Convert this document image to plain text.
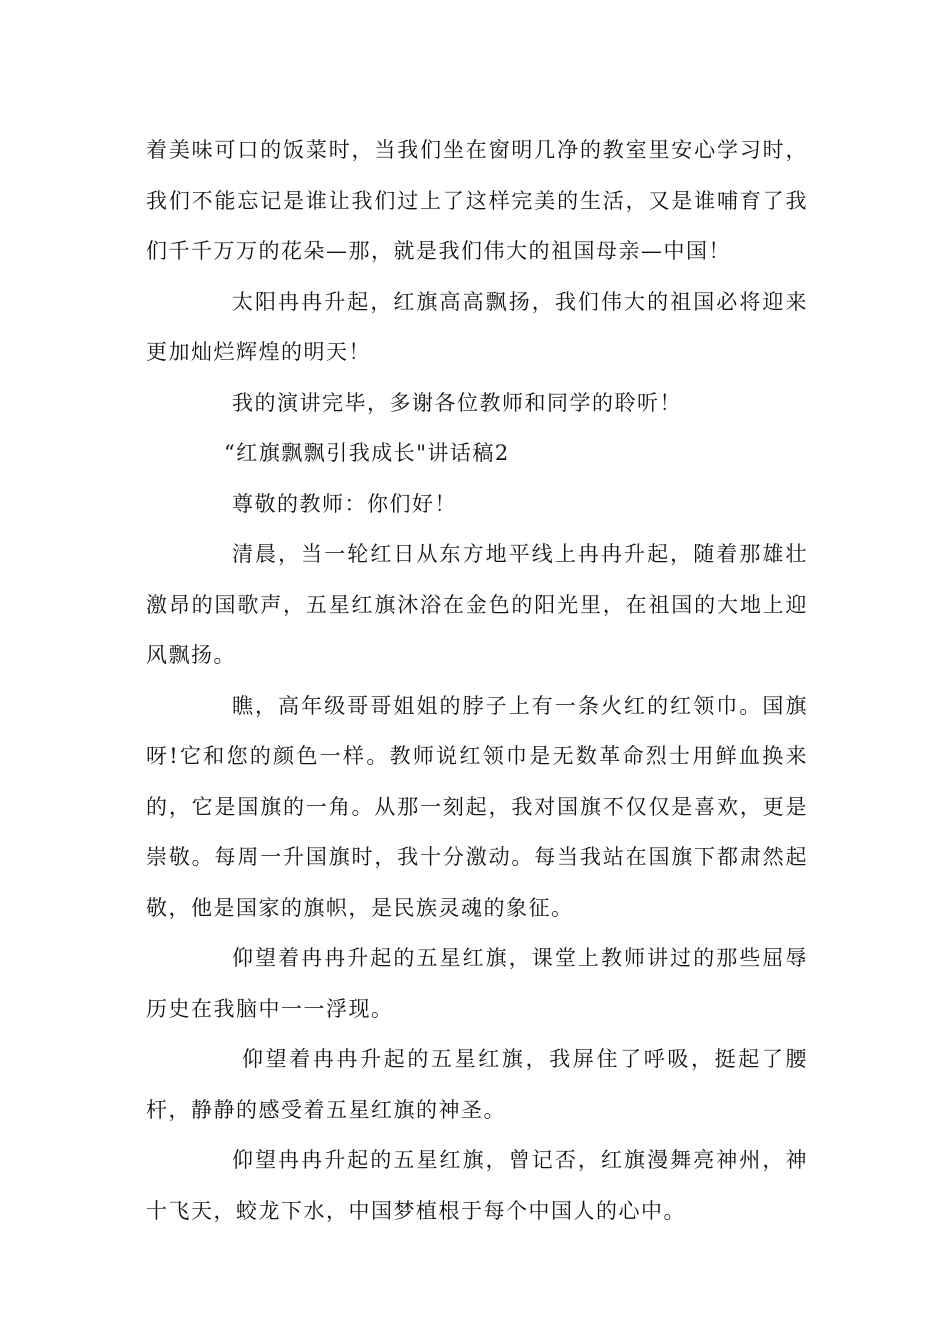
着美味可口的饭菜时，当我们坐在窗明几净的教室里安心学习时，我们不能忘记是谁让我们过上了这样完美的生活，又是谁哺育了我们千千万万的花朵—那，就是我们伟大的祖国母亲—中国！

太阳冉冉升起，红旗高高飘扬，我们伟大的祖国必将迎来更加灿烂辉煌的明天！

我的演讲完毕，多谢各位教师和同学的聆听！

“红旗飘飘引我成长"讲话稿2

尊敬的教师：你们好！

清晨，当一轮红日从东方地平线上冉冉升起，随着那雄壮激昂的国歌声，五星红旗沐浴在金色的阳光里，在祖国的大地上迎风飘扬。

瞧，高年级哥哥姐姐的脖子上有一条火红的红领巾。国旗呀!它和您的颜色一样。教师说红领巾是无数革命烈士用鲜血换来的，它是国旗的一角。从那一刻起，我对国旗不仅仅是喜欢，更是崇敬。每周一升国旗时，我十分激动。每当我站在国旗下都肃然起敬，他是国家的旗帜，是民族灵魂的象征。

仰望着冉冉升起的五星红旗，课堂上教师讲过的那些屈辱历史在我脑中一一浮现。

仰望着冉冉升起的五星红旗，我屏住了呼吸，挺起了腰杆，静静的感受着五星红旗的神圣。

仰望冉冉升起的五星红旗，曾记否，红旗漫舞亮神州，神十飞天，蛟龙下水，中国梦植根于每个中国人的心中。
